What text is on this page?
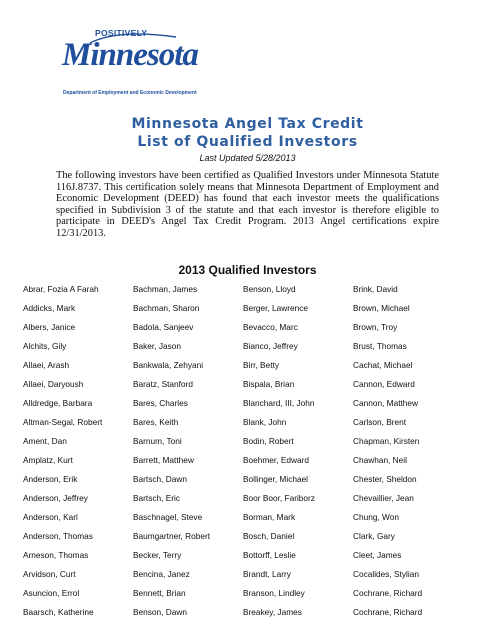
POSITIVELY
Minnesota
Department of Employment and Economic Development
Minnesota Angel Tax Credit
List of Qualified Investors
Last Updated 5/28/2013
The following investors have been certified as Qualified Investors under Minnesota Statute 116J.8737. This certification solely means that Minnesota Department of Employment and Economic Development (DEED) has found that each investor meets the qualifications specified in Subdivision 3 of the statute and that each investor is therefore eligible to participate in DEED's Angel Tax Credit Program. 2013 Angel certifications expire 12/31/2013.
2013 Qualified Investors
Abrar, Fozia A Farah
Addicks, Mark
Albers, Janice
Alchits, Gily
Allaei, Arash
Allaei, Daryoush
Alldredge, Barbara
Altman-Segal, Robert
Ament, Dan
Amplatz, Kurt
Anderson, Erik
Anderson, Jeffrey
Anderson, Karl
Anderson, Thomas
Arneson, Thomas
Arvidson, Curt
Asuncion, Errol
Baarsch, Katherine
Bachman, James
Bachman, Sharon
Badola, Sanjeev
Baker, Jason
Bankwala, Zehyani
Baratz, Stanford
Bares, Charles
Bares, Keith
Barnum, Toni
Barrett, Matthew
Bartsch, Dawn
Bartsch, Eric
Baschnagel, Steve
Baumgartner, Robert
Becker, Terry
Bencina, Janez
Bennett, Brian
Benson, Dawn
Benson, Lloyd
Berger, Lawrence
Bevacco, Marc
Bianco, Jeffrey
Birr, Betty
Bispala, Brian
Blanchard, III, John
Blank, John
Bodin, Robert
Boehmer, Edward
Bollinger, Michael
Boor Boor, Fariborz
Borman, Mark
Bosch, Daniel
Bottorff, Leslie
Brandt, Larry
Branson, Lindley
Breakey, James
Brink, David
Brown, Michael
Brown, Troy
Brust, Thomas
Cachat, Michael
Cannon, Edward
Cannon, Matthew
Carlson, Brent
Chapman, Kirsten
Chawhan, Neil
Chester, Sheldon
Chevaillier, Jean
Chung, Won
Clark, Gary
Cleet, James
Cocalides, Stylian
Cochrane, Richard
Cochrane, Richard
